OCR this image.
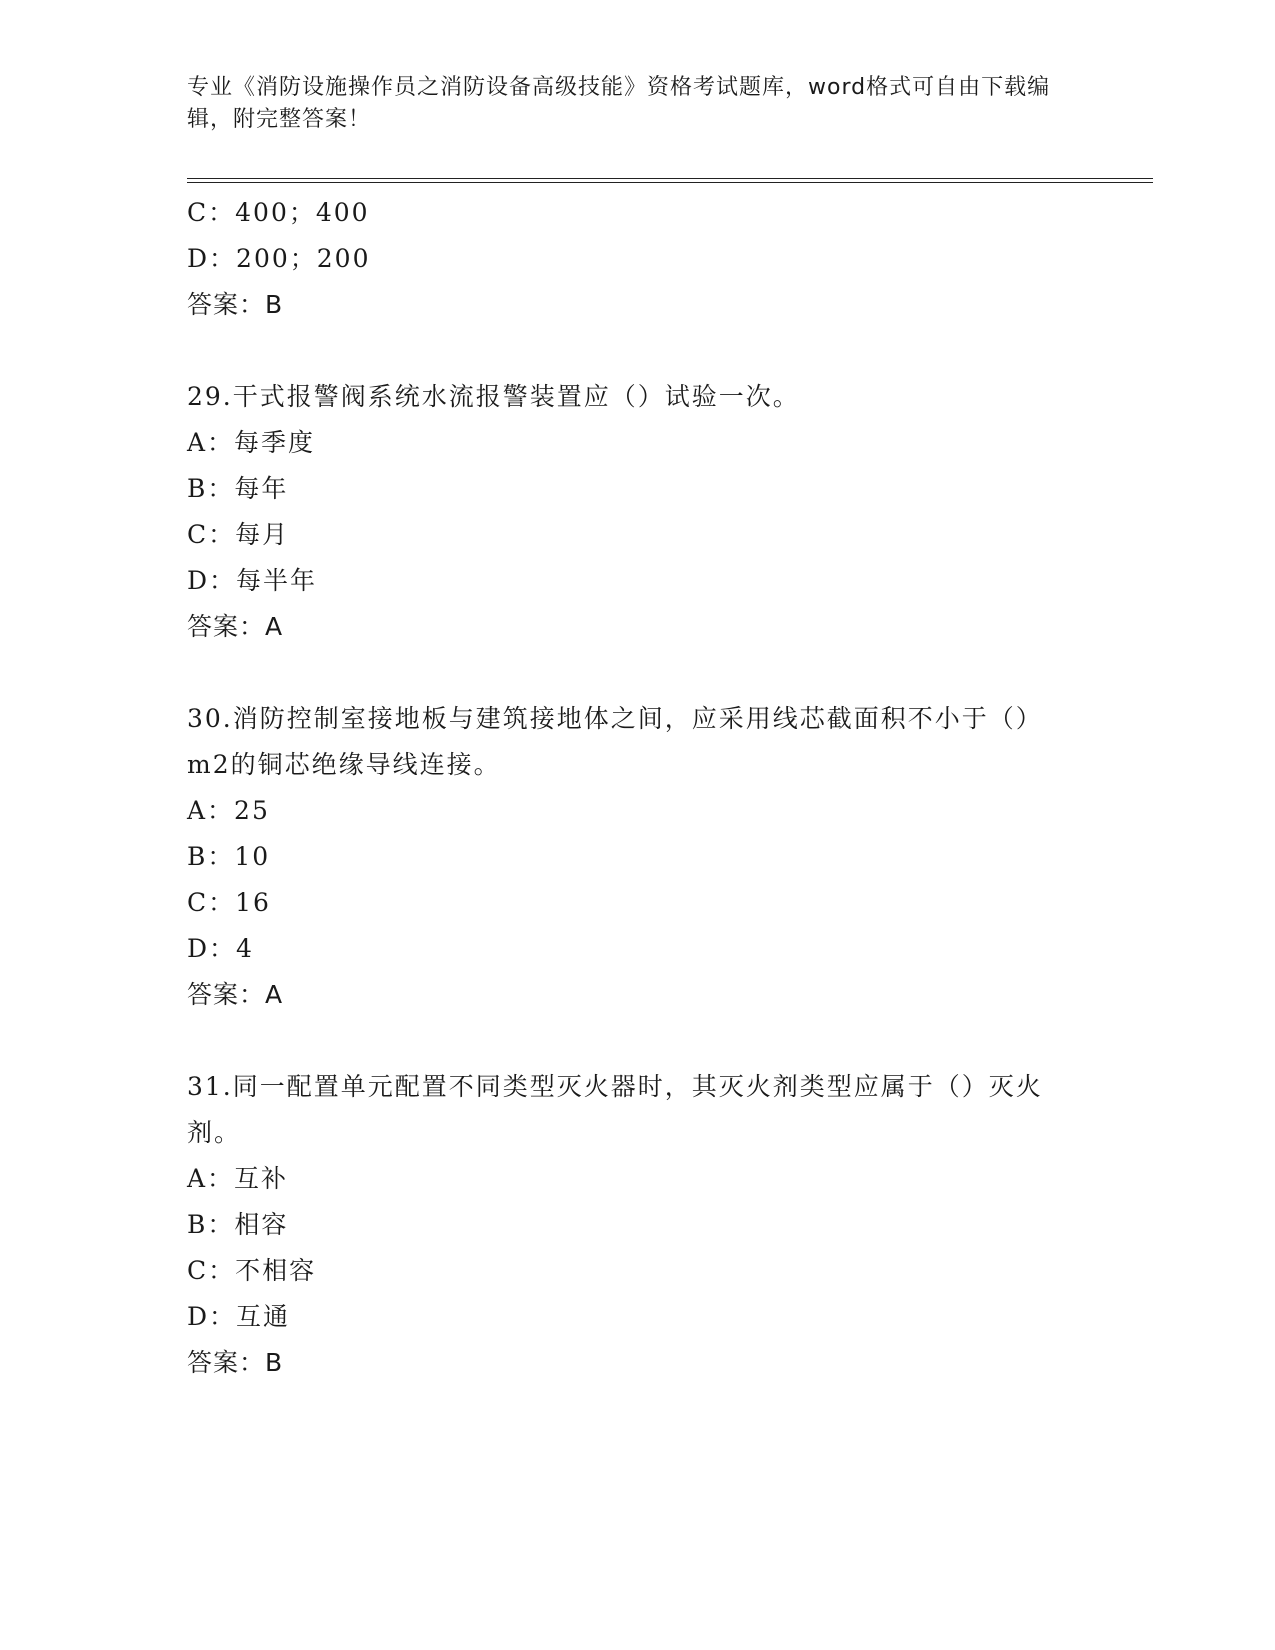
专业《消防设施操作员之消防设备高级技能》资格考试题库，word格式可自由下载编辑，附完整答案！
C：400；400
D：200；200
答案：B
29.干式报警阀系统水流报警装置应（）试验一次。
A：每季度
B：每年
C：每月
D：每半年
答案：A
30.消防控制室接地板与建筑接地体之间，应采用线芯截面积不小于（）m2的铜芯绝缘导线连接。
A：25
B：10
C：16
D：4
答案：A
31.同一配置单元配置不同类型灭火器时，其灭火剂类型应属于（）灭火剂。
A：互补
B：相容
C：不相容
D：互通
答案：B
